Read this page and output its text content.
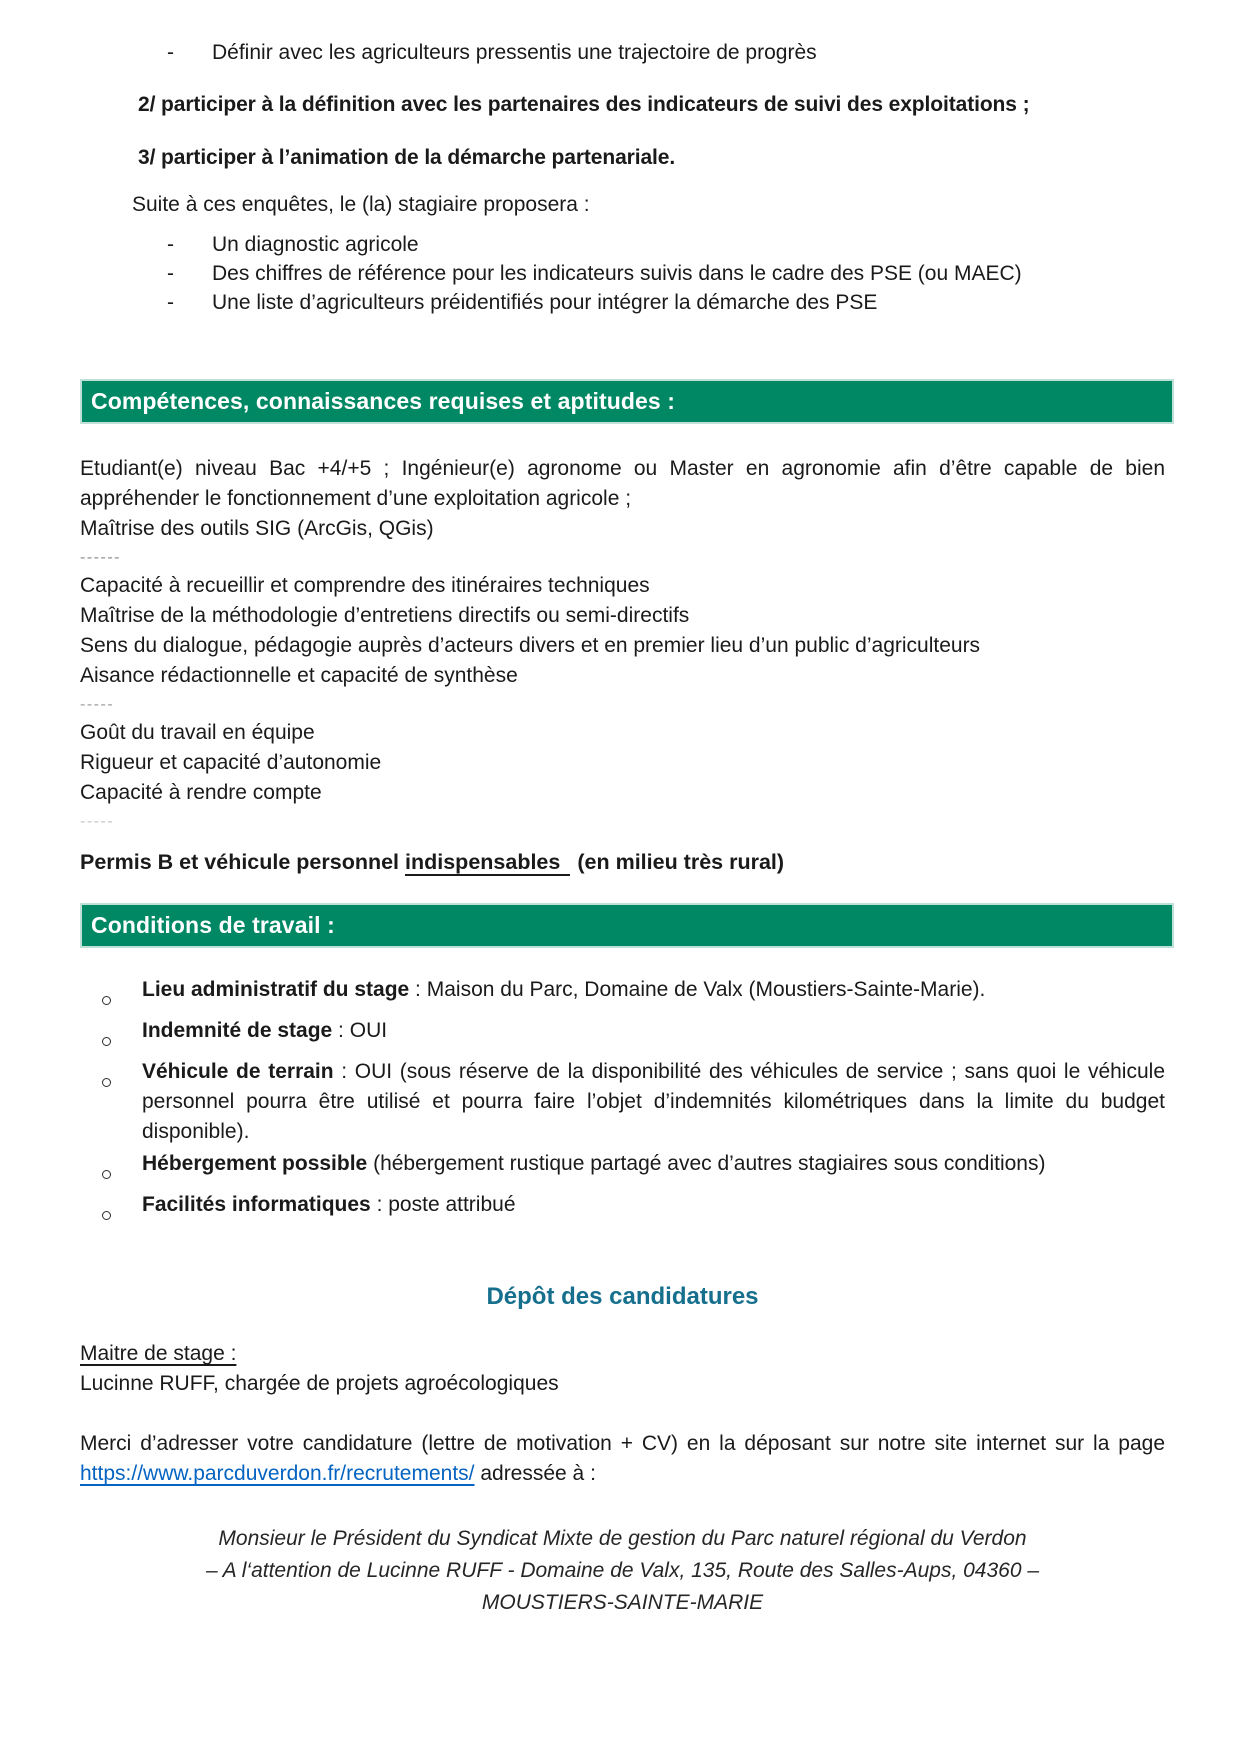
-	Définir avec les agriculteurs pressentis une trajectoire de progrès

2/ participer à la définition avec les partenaires des indicateurs de suivi des exploitations ;

3/ participer à l’animation de la démarche partenariale.

Suite à ces enquêtes, le (la) stagiaire proposera :

-	Un diagnostic agricole
-	Des chiffres de référence pour les indicateurs suivis dans le cadre des PSE (ou MAEC)
-	Une liste d’agriculteurs préidentifiés pour intégrer la démarche des PSE
Compétences, connaissances requises et aptitudes :

Etudiant(e) niveau Bac +4/+5 ; Ingénieur(e) agronome ou Master en agronomie afin d’être capable de bien appréhender le fonctionnement d’une exploitation agricole ;

Maîtrise des outils SIG (ArcGis, QGis)

------

Capacité à recueillir et comprendre des itinéraires techniques

Maîtrise de la méthodologie d’entretiens directifs ou semi-directifs

Sens du dialogue, pédagogie auprès d’acteurs divers et en premier lieu d’un public d’agriculteurs

Aisance rédactionnelle et capacité de synthèse

-----

Goût du travail en équipe

Rigueur et capacité d’autonomie

Capacité à rendre compte

-----

Permis B et véhicule personnel indispensables (en milieu très rural)

Conditions de travail :
Lieu administratif du stage : Maison du Parc, Domaine de Valx (Moustiers-Sainte-Marie).
Indemnité de stage : OUI
Véhicule de terrain : OUI (sous réserve de la disponibilité des véhicules de service ; sans quoi le véhicule personnel pourra être utilisé et pourra faire l’objet d’indemnités kilométriques dans la limite du budget disponible).
Hébergement possible (hébergement rustique partagé avec d’autres stagiaires sous conditions)
Facilités informatiques : poste attribué
Dépôt des candidatures

Maitre de stage :

Lucinne RUFF, chargée de projets agroécologiques

Merci d’adresser votre candidature (lettre de motivation + CV) en la déposant sur notre site internet sur la page https://www.parcduverdon.fr/recrutements/ adressée à :

Monsieur le Président du Syndicat Mixte de gestion du Parc naturel régional du Verdon
– A l‘attention de Lucinne RUFF - Domaine de Valx, 135, Route des Salles-Aups, 04360 –
MOUSTIERS-SAINTE-MARIE
